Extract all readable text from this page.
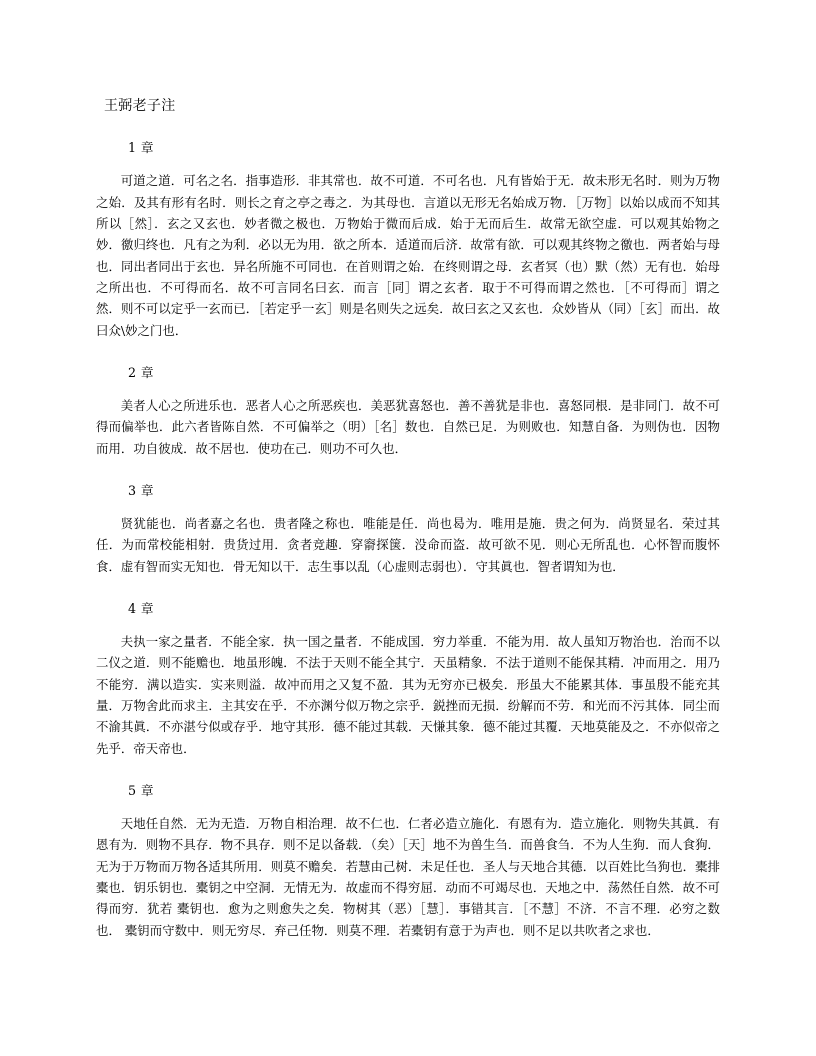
王弼老子注
1 章

可道之道．可名之名．指事造形．非其常也．故不可道．不可名也．凡有皆始于无．故未形无名时．则为万物之始．及其有形有名时．则长之育之亭之毒之．为其母也．言道以无形无名始成万物．［万物］以始以成而不知其所以［然］．玄之又玄也．妙者微之极也．万物始于微而后成．始于无而后生．故常无欲空虚．可以观其始物之妙．徼归终也．凡有之为利．必以无为用．欲之所本．适道而后济．故常有欲．可以观其终物之徼也．两者始与母也．同出者同出于玄也．异名所施不可同也．在首则谓之始．在终则谓之母．玄者冥（也）默（然）无有也．始母之所出也．不可得而名．故不可言同名曰玄．而言［同］谓之玄者．取于不可得而谓之然也．［不可得而］谓之然．则不可以定乎一玄而已．［若定乎一玄］则是名则失之远矣．故曰玄之又玄也．众妙皆从（同）［玄］而出．故曰众\妙之门也．

2 章

美者人心之所进乐也．恶者人心之所恶疾也．美恶犹喜怒也．善不善犹是非也．喜怒同根．是非同门．故不可得而偏举也．此六者皆陈自然．不可偏举之（明）［名］数也．自然已足．为则败也．知慧自备．为则伪也．因物而用．功自彼成．故不居也．使功在己．则功不可久也．

3 章

贤犹能也．尚者嘉之名也．贵者隆之称也．唯能是任．尚也曷为．唯用是施．贵之何为．尚贤显名．荣过其任．为而常校能相射．贵货过用．贪者竞趣．穿窬探箧．没命而盗．故可欲不见．则心无所乱也．心怀智而腹怀食．虚有智而实无知也．骨无知以干．志生事以乱（心虚则志弱也）．守其眞也．智者谓知为也．

4 章

夫执一家之量者．不能全家．执一国之量者．不能成国．穷力举重．不能为用．故人虽知万物治也．治而不以二仪之道．则不能赡也．地虽形魄．不法于天则不能全其宁．天虽精象．不法于道则不能保其精．冲而用之．用乃不能穷．满以造实．实来则溢．故冲而用之又复不盈．其为无穷亦已极矣．形虽大不能累其体．事虽殷不能充其量．万物舍此而求主．主其安在乎．不亦渊兮似万物之宗乎．鋭挫而无损．纷解而不劳．和光而不污其体．同尘而不渝其眞．不亦湛兮似或存乎．地守其形．德不能过其载．天慊其象．德不能过其覆．天地莫能及之．不亦似帝之先乎．帝天帝也．

5 章

天地任自然．无为无造．万物自相治理．故不仁也．仁者必造立施化．有恩有为．造立施化．则物失其眞．有恩有为．则物不具存．物不具存．则不足以备载．（矣）［天］地不为兽生刍．而兽食刍．不为人生狗．而人食狗．无为于万物而万物各适其所用．则莫不赡矣．若慧由己树．未足任也．圣人与天地合其德．以百姓比刍狗也．橐排橐也．钥乐钥也．橐钥之中空洞．无情无为．故虚而不得穷屈．动而不可竭尽也．天地之中．荡然任自然．故不可得而穷．犹若 橐钥也．愈为之则愈失之矣．物树其（恶）［慧］．事错其言．［不慧］不济．不言不理．必穷之数也． 橐钥而守数中．则无穷尽．弃己任物．则莫不理．若橐钥有意于为声也．则不足以共吹者之求也．
